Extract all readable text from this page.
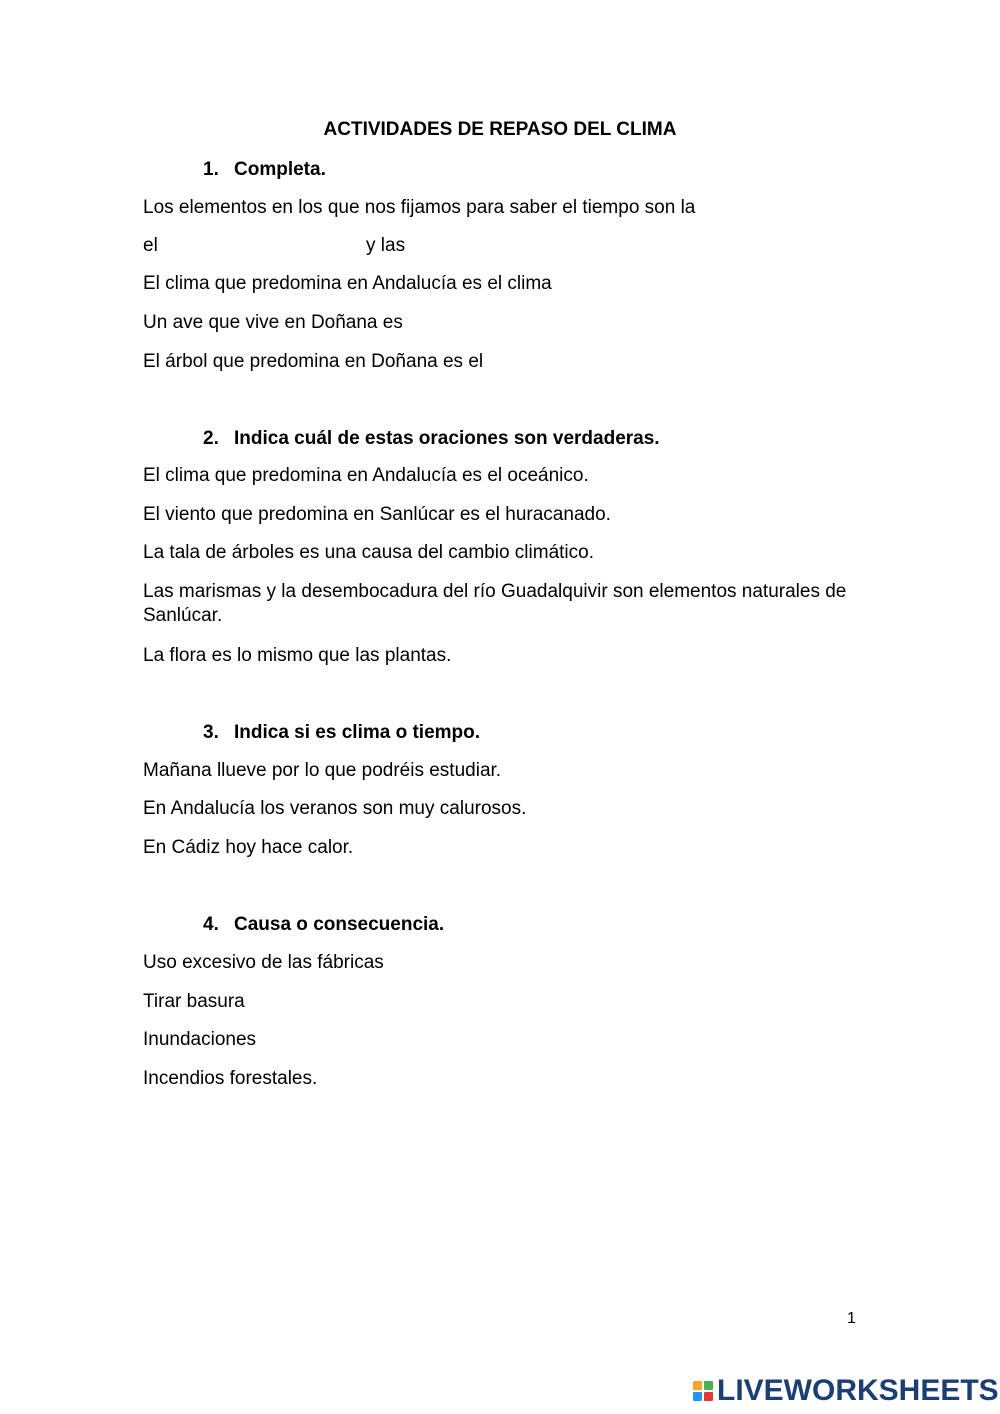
ACTIVIDADES DE REPASO DEL CLIMA
1. Completa.
Los elementos en los que nos fijamos para saber el tiempo son la
el	y las
El clima que predomina en Andalucía es el clima
Un ave que vive en Doñana es
El árbol que predomina en Doñana es el
2. Indica cuál de estas oraciones son verdaderas.
El clima que predomina en Andalucía es el oceánico.
El viento que predomina en Sanlúcar es el huracanado.
La tala de árboles es una causa del cambio climático.
Las marismas y la desembocadura del río Guadalquivir son elementos naturales de Sanlúcar.
La flora es lo mismo que las plantas.
3. Indica si es clima o tiempo.
Mañana llueve por lo que podréis estudiar.
En Andalucía los veranos son muy calurosos.
En Cádiz hoy hace calor.
4. Causa o consecuencia.
Uso excesivo de las fábricas
Tirar basura
Inundaciones
Incendios forestales.
1
LIVEWORKSHEETS
